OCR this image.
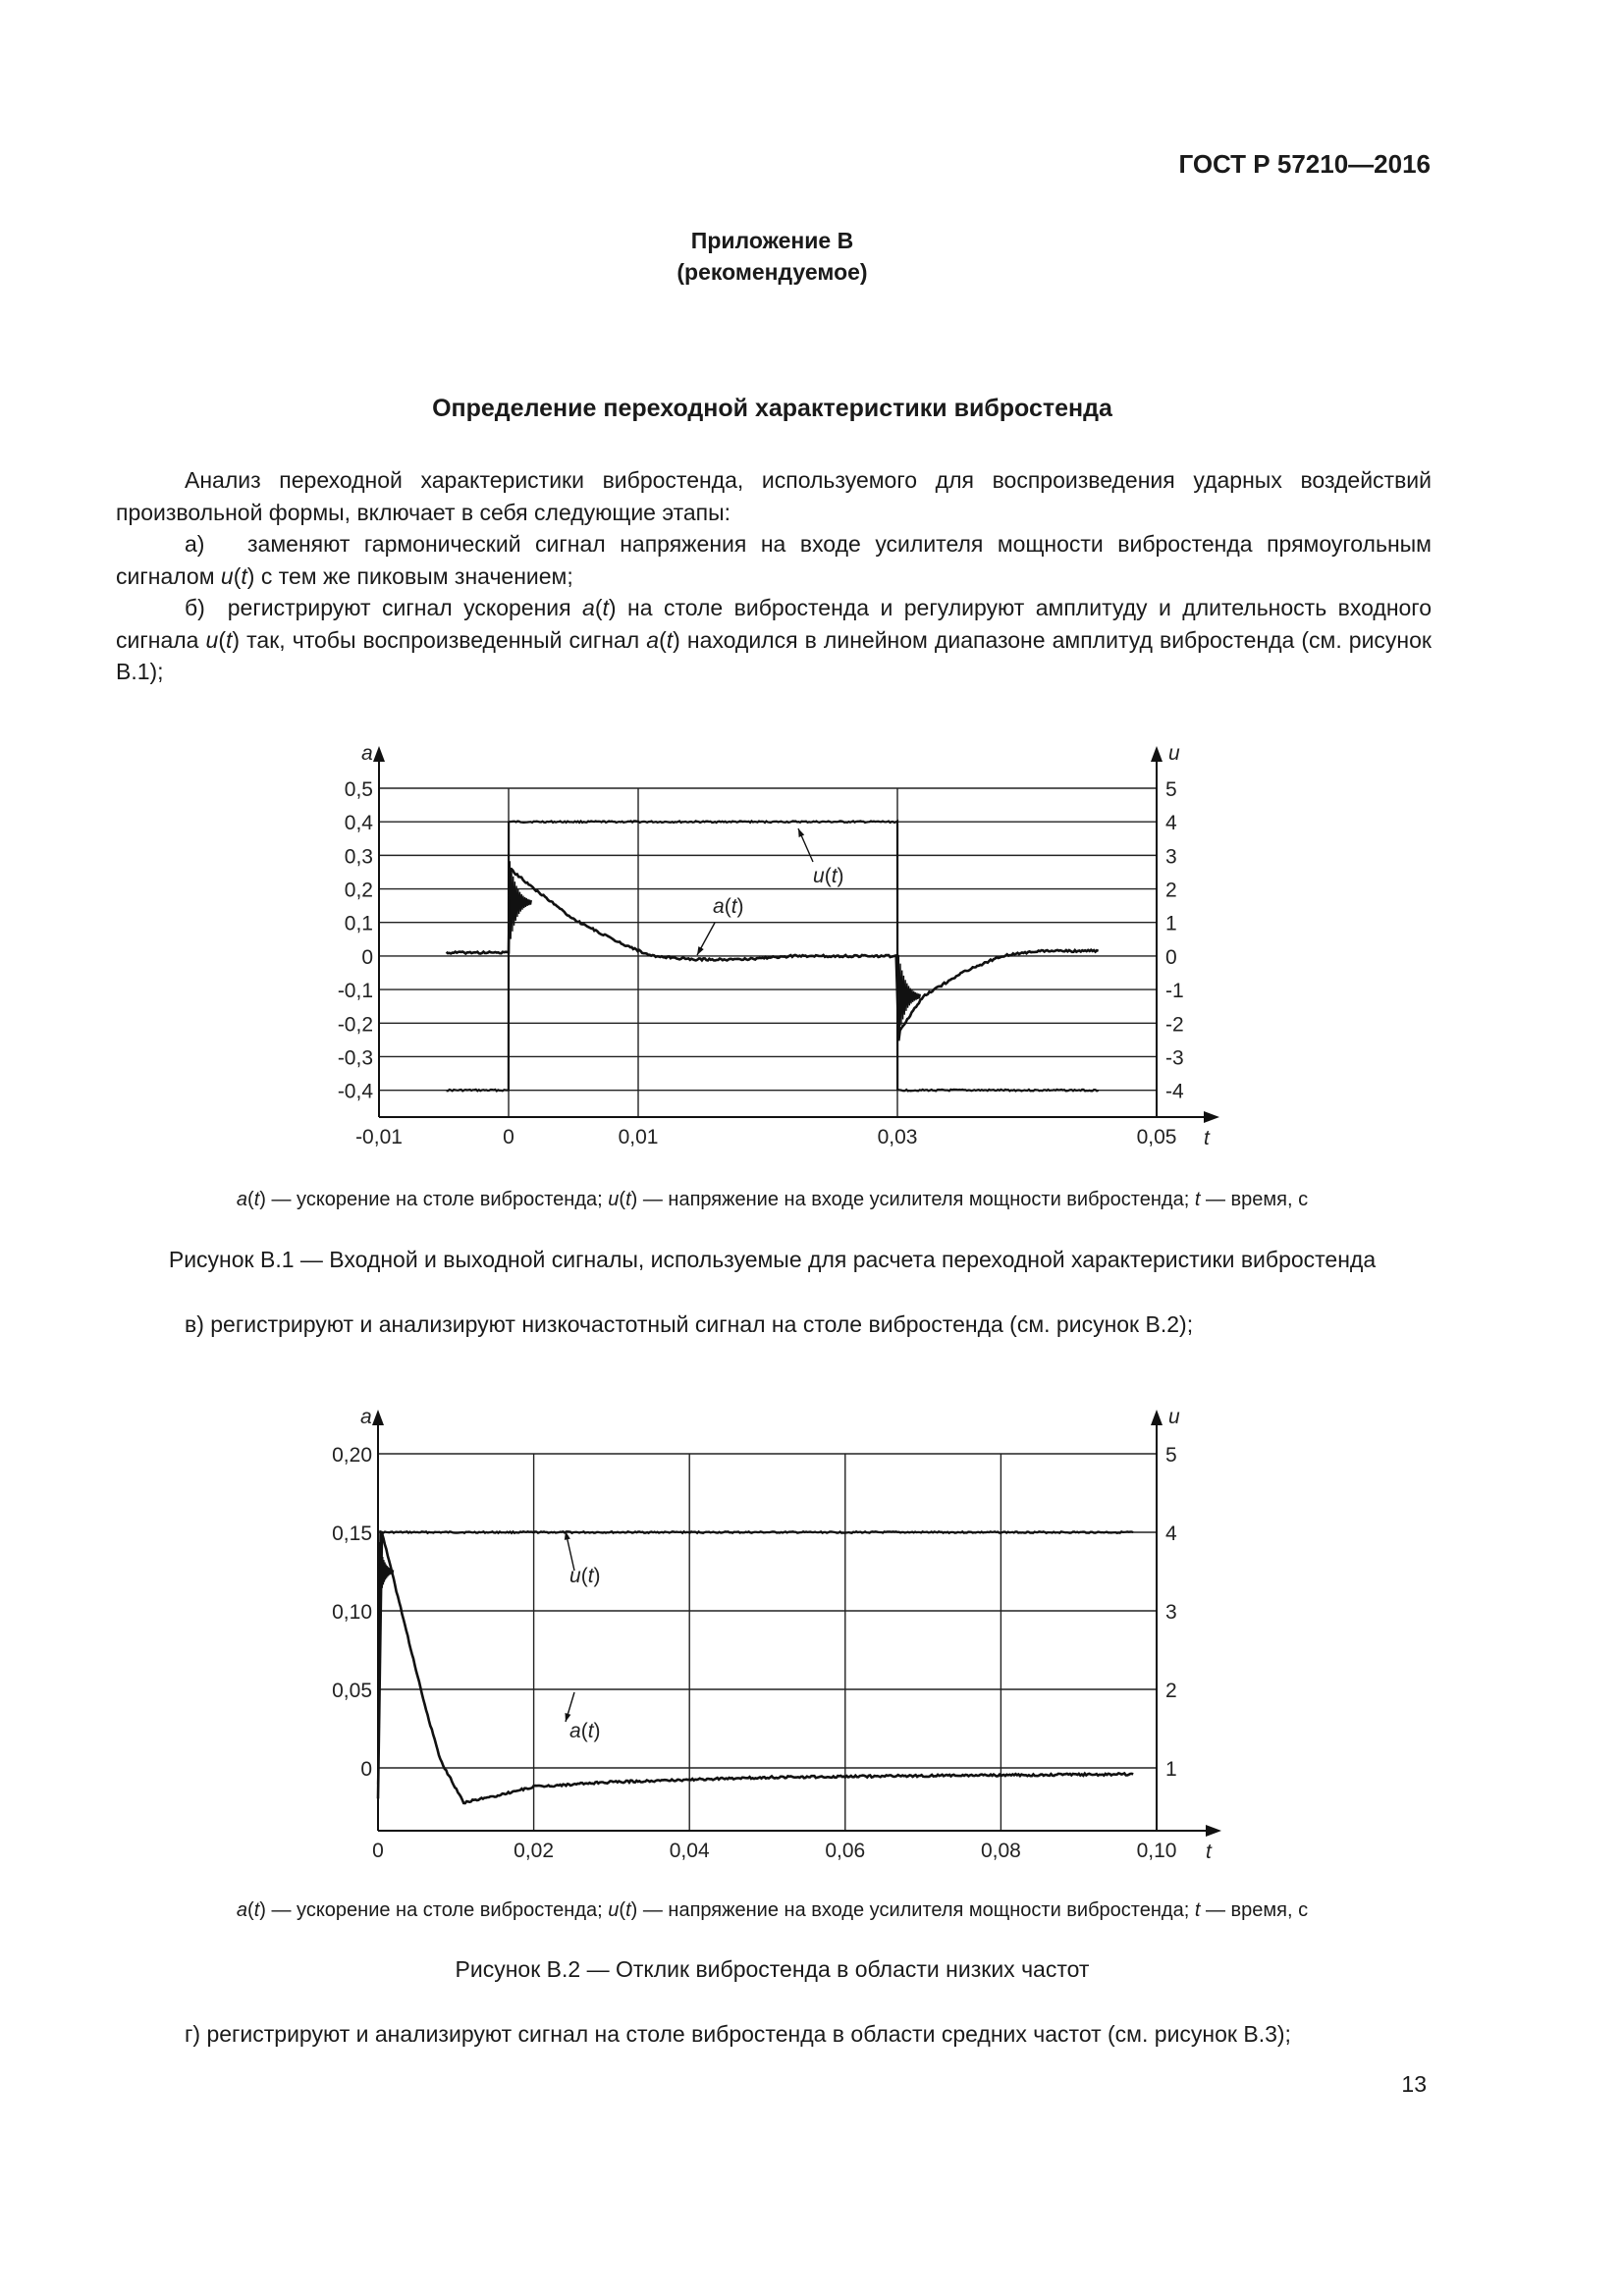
ГОСТ Р 57210—2016
Приложение В
(рекомендуемое)
Определение переходной характеристики вибростенда

Анализ переходной характеристики вибростенда, используемого для воспроизведения ударных воздействий произвольной формы, включает в себя следующие этапы:

а) заменяют гармонический сигнал напряжения на входе усилителя мощности вибростенда прямоугольным сигналом u(t) с тем же пиковым значением;

б) регистрируют сигнал ускорения a(t) на столе вибростенда и регулируют амплитуду и длительность входного сигнала u(t) так, чтобы воспроизведенный сигнал a(t) находился в линейном диапазоне амплитуд вибростенда (см. рисунок В.1);

0,5	5
0,4	4
0,3	3
0,2	2
0,1	1
0	0
-0,1	-1
-0,2	-2
-0,3	-3
-0,4	-4
-0,01	0	0,01	0,03	0,05
a	u
t
u(t)
a(t)
a(t) — ускорение на столе вибростенда; u(t) — напряжение на входе усилителя мощности вибростенда; t — время, с
Рисунок В.1 — Входной и выходной сигналы, используемые для расчета переходной характеристики вибростенда

в) регистрируют и анализируют низкочастотный сигнал на столе вибростенда (см. рисунок В.2);

0,20	5
0,15	4
0,10	3
0,05	2
0	1
0	0,02	0,04	0,06	0,08	0,10
a	u
t
u(t)
a(t)
a(t) — ускорение на столе вибростенда; u(t) — напряжение на входе усилителя мощности вибростенда; t — время, с
Рисунок В.2 — Отклик вибростенда в области низких частот

г) регистрируют и анализируют сигнал на столе вибростенда в области средних частот (см. рисунок В.3);

13
